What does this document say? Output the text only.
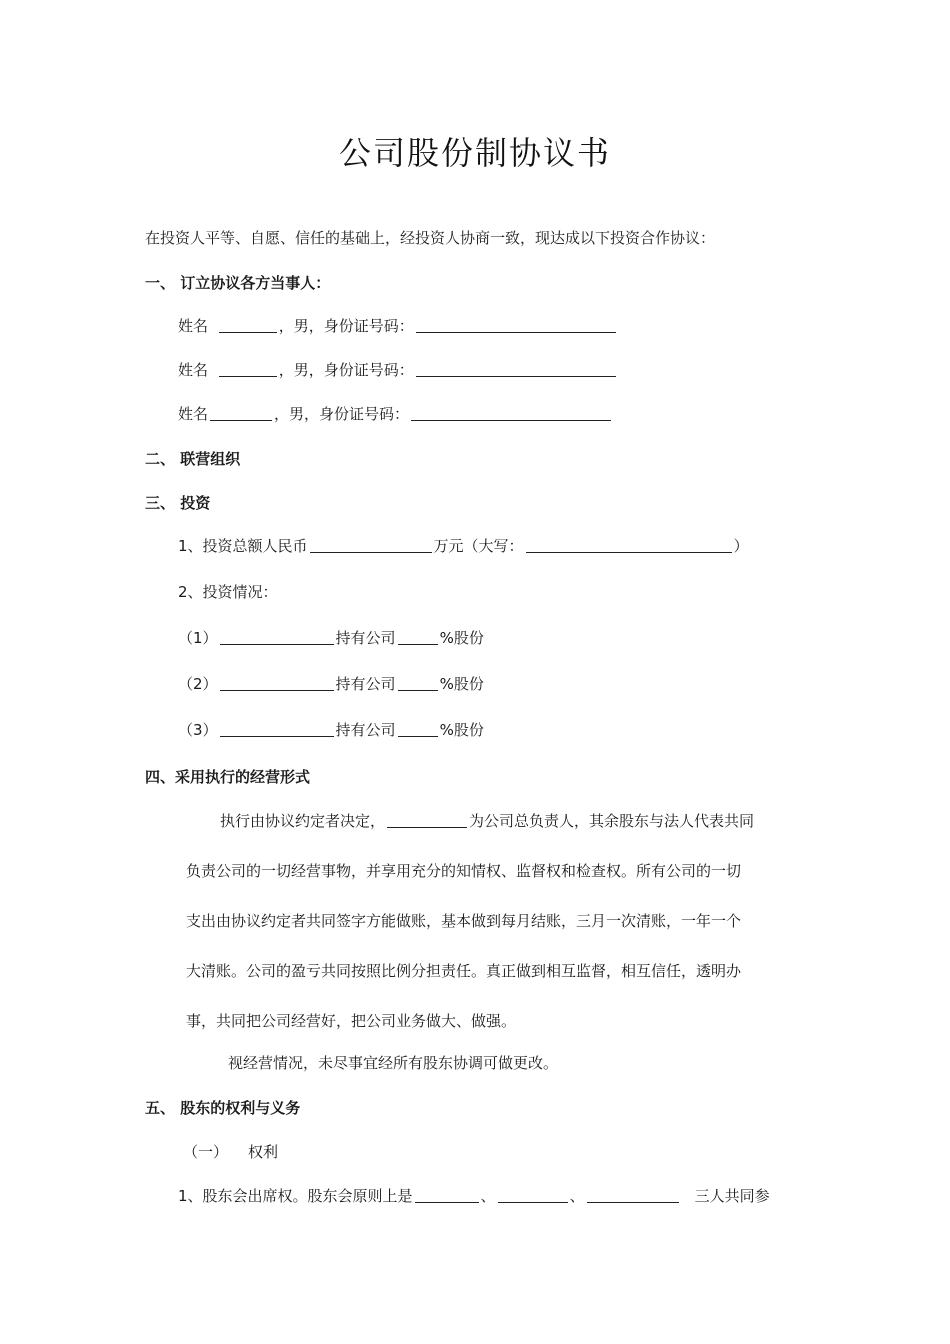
公司股份制协议书
在投资人平等、自愿、信任的基础上，经投资人协商一致，现达成以下投资合作协议：
一、 订立协议各方当事人：
姓名	，男，身份证号码：
姓名	，男，身份证号码：
姓名	，男，身份证号码：
二、 联营组织
三、 投资
1、投资总额人民币	万元（大写：	）
2、投资情况：
（1）	持有公司	%股份
（2）	持有公司	%股份
（3）	持有公司	%股份
四、采用执行的经营形式
执行由协议约定者决定，	为公司总负责人，其余股东与法人代表共同
负责公司的一切经营事物，并享用充分的知情权、监督权和检查权。所有公司的一切
支出由协议约定者共同签字方能做账，基本做到每月结账，三月一次清账，一年一个
大清账。公司的盈亏共同按照比例分担责任。真正做到相互监督，相互信任，透明办
事，共同把公司经营好，把公司业务做大、做强。
视经营情况，未尽事宜经所有股东协调可做更改。
五、 股东的权利与义务
（一） 权利
1、股东会出席权。股东会原则上是	、	、	三人共同参
